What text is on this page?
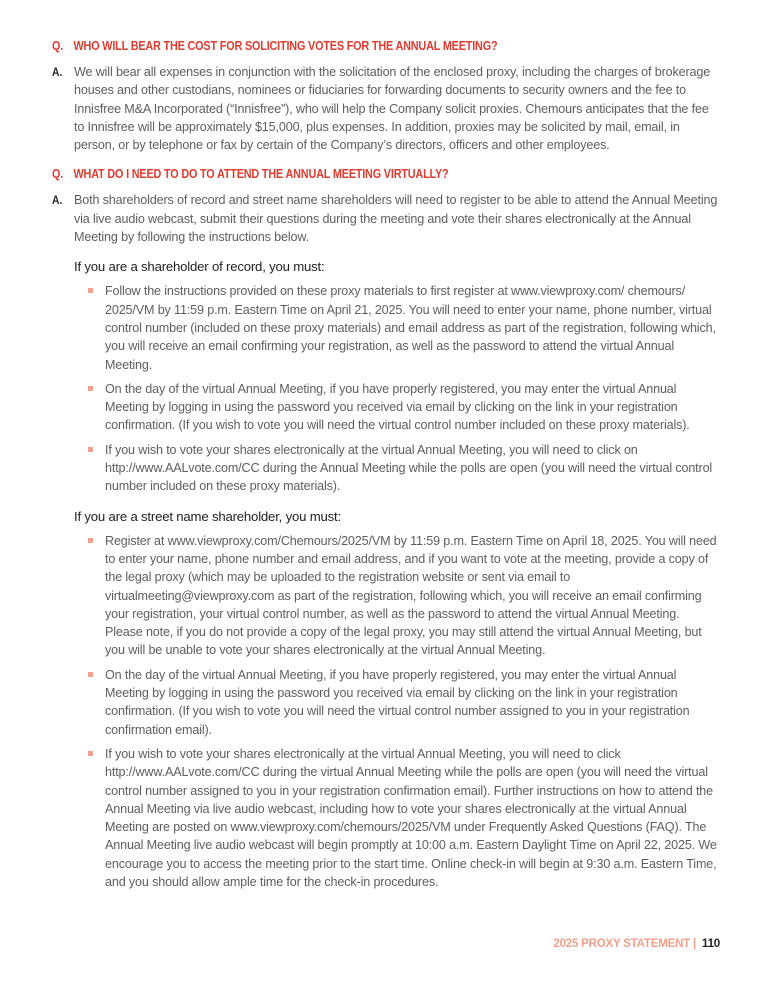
Q. WHO WILL BEAR THE COST FOR SOLICITING VOTES FOR THE ANNUAL MEETING?
A. We will bear all expenses in conjunction with the solicitation of the enclosed proxy, including the charges of brokerage houses and other custodians, nominees or fiduciaries for forwarding documents to security owners and the fee to Innisfree M&A Incorporated (“Innisfree”), who will help the Company solicit proxies. Chemours anticipates that the fee to Innisfree will be approximately $15,000, plus expenses. In addition, proxies may be solicited by mail, email, in person, or by telephone or fax by certain of the Company’s directors, officers and other employees.
Q. WHAT DO I NEED TO DO TO ATTEND THE ANNUAL MEETING VIRTUALLY?
A. Both shareholders of record and street name shareholders will need to register to be able to attend the Annual Meeting via live audio webcast, submit their questions during the meeting and vote their shares electronically at the Annual Meeting by following the instructions below.
If you are a shareholder of record, you must:
Follow the instructions provided on these proxy materials to first register at www.viewproxy.com/ chemours/ 2025/VM by 11:59 p.m. Eastern Time on April 21, 2025. You will need to enter your name, phone number, virtual control number (included on these proxy materials) and email address as part of the registration, following which, you will receive an email confirming your registration, as well as the password to attend the virtual Annual Meeting.
On the day of the virtual Annual Meeting, if you have properly registered, you may enter the virtual Annual Meeting by logging in using the password you received via email by clicking on the link in your registration confirmation. (If you wish to vote you will need the virtual control number included on these proxy materials).
If you wish to vote your shares electronically at the virtual Annual Meeting, you will need to click on http://www.AALvote.com/CC during the Annual Meeting while the polls are open (you will need the virtual control number included on these proxy materials).
If you are a street name shareholder, you must:
Register at www.viewproxy.com/Chemours/2025/VM by 11:59 p.m. Eastern Time on April 18, 2025. You will need to enter your name, phone number and email address, and if you want to vote at the meeting, provide a copy of the legal proxy (which may be uploaded to the registration website or sent via email to virtualmeeting@viewproxy.com as part of the registration, following which, you will receive an email confirming your registration, your virtual control number, as well as the password to attend the virtual Annual Meeting. Please note, if you do not provide a copy of the legal proxy, you may still attend the virtual Annual Meeting, but you will be unable to vote your shares electronically at the virtual Annual Meeting.
On the day of the virtual Annual Meeting, if you have properly registered, you may enter the virtual Annual Meeting by logging in using the password you received via email by clicking on the link in your registration confirmation. (If you wish to vote you will need the virtual control number assigned to you in your registration confirmation email).
If you wish to vote your shares electronically at the virtual Annual Meeting, you will need to click http://www.AALvote.com/CC during the virtual Annual Meeting while the polls are open (you will need the virtual control number assigned to you in your registration confirmation email). Further instructions on how to attend the Annual Meeting via live audio webcast, including how to vote your shares electronically at the virtual Annual Meeting are posted on www.viewproxy.com/chemours/2025/VM under Frequently Asked Questions (FAQ). The Annual Meeting live audio webcast will begin promptly at 10:00 a.m. Eastern Daylight Time on April 22, 2025. We encourage you to access the meeting prior to the start time. Online check-in will begin at 9:30 a.m. Eastern Time, and you should allow ample time for the check-in procedures.
2025 PROXY STATEMENT | 110
